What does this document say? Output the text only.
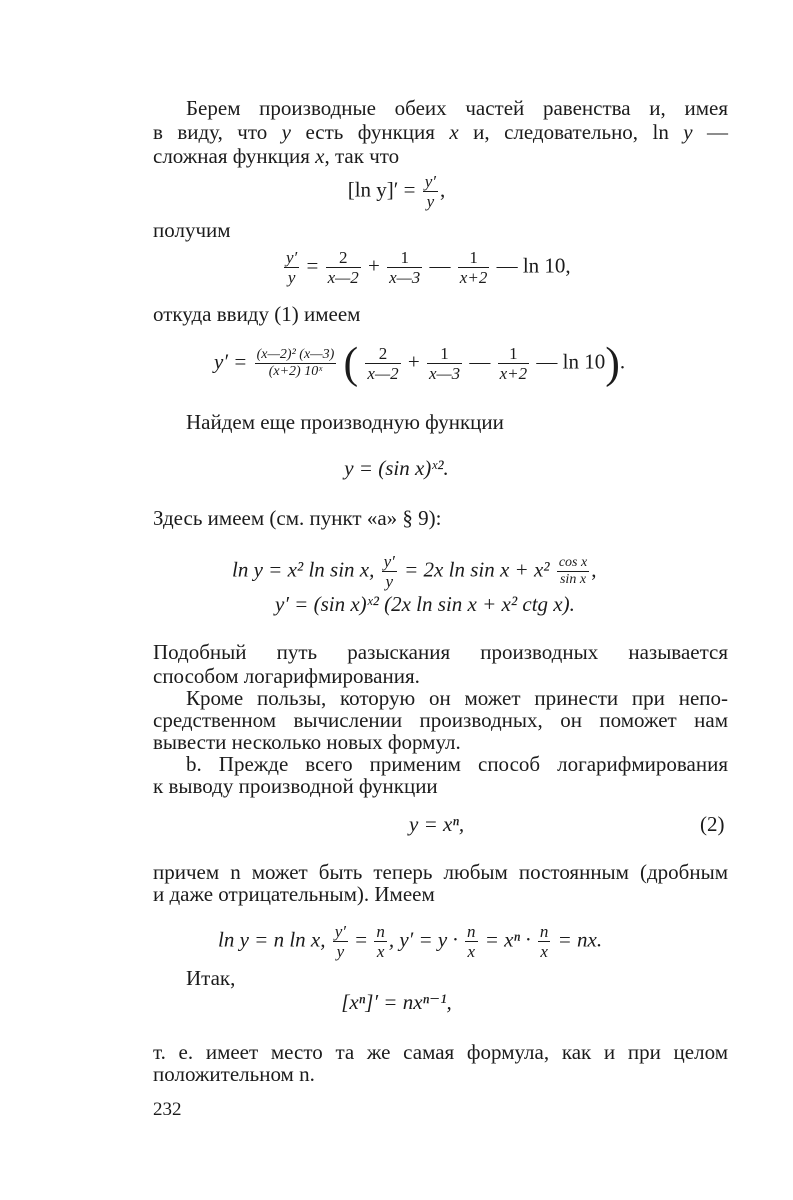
Берем производные обеих частей равенства и, имея
в виду, что y есть функция x и, следовательно, ln y —
сложная функция x, так что
[ln $y]' = \frac{y'}{y}$ ,
получим
$\frac{y'}{y} = \frac{2}{x—2} + \frac{1}{x—3}$ — $\frac{1}{x+2}$ — ln 10,
откуда ввиду (1) имеем
$y' = \frac{\text{(x—2)² (x—3)}}{\text{(x+2) 10ˣ}}$ ( $\frac{2}{x—2} + \frac{1}{x—3}$ — $\frac{1}{x+2}$ — ln 10).
Найдем еще производную функции
y = (sin x)ˣ².
Здесь имеем (см. пункт «а» § 9):
ln y = x² ln sin x, $\frac{y'}{y} = 2x$ $\ln \sin x + x^2 \frac{\text{cos x}}{\text{sin x}}$ ,
y′ = (sin x)ˣ² (2x ln sin x + x² ctg x).
Подобный путь разыскания производных называется
способом логарифмирования.
Кроме пользы, которую он может принести при непо-
средственном вычислении производных, он поможет нам
вывести несколько новых формул.
b. Прежде всего применим способ логарифмирования
к выводу производной функции
y = xⁿ,	(2)
причем n может быть теперь любым постоянным (дробным
и даже отрицательным). Имеем
ln y = n ln x, $\frac{y'}{y} = \frac{n}{x}$ , $y' = y \cdot \frac{n}{x} = x^n \cdot \frac{n}{x}$ = nx.
Итак,
[xⁿ]′ = nxⁿ⁻¹,
т. е. имеет место та же самая формула, как и при целом
положительном n.
232
